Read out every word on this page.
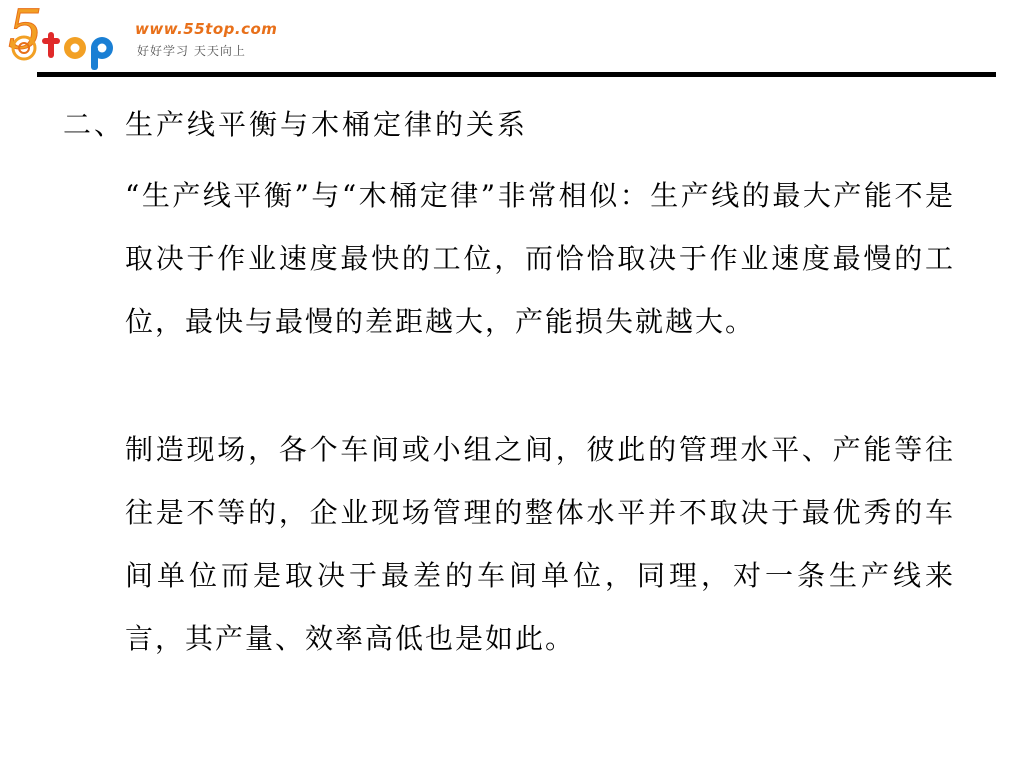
5	www.55top.com
好好学习 天天向上
二、生产线平衡与木桶定律的关系
“生产线平衡”与“木桶定律”非常相似：生产线的最大产能不是取决于作业速度最快的工位，而恰恰取决于作业速度最慢的工位，最快与最慢的差距越大，产能损失就越大。
制造现场，各个车间或小组之间，彼此的管理水平、产能等往往是不等的，企业现场管理的整体水平并不取决于最优秀的车间单位而是取决于最差的车间单位，同理，对一条生产线来言，其产量、效率高低也是如此。
